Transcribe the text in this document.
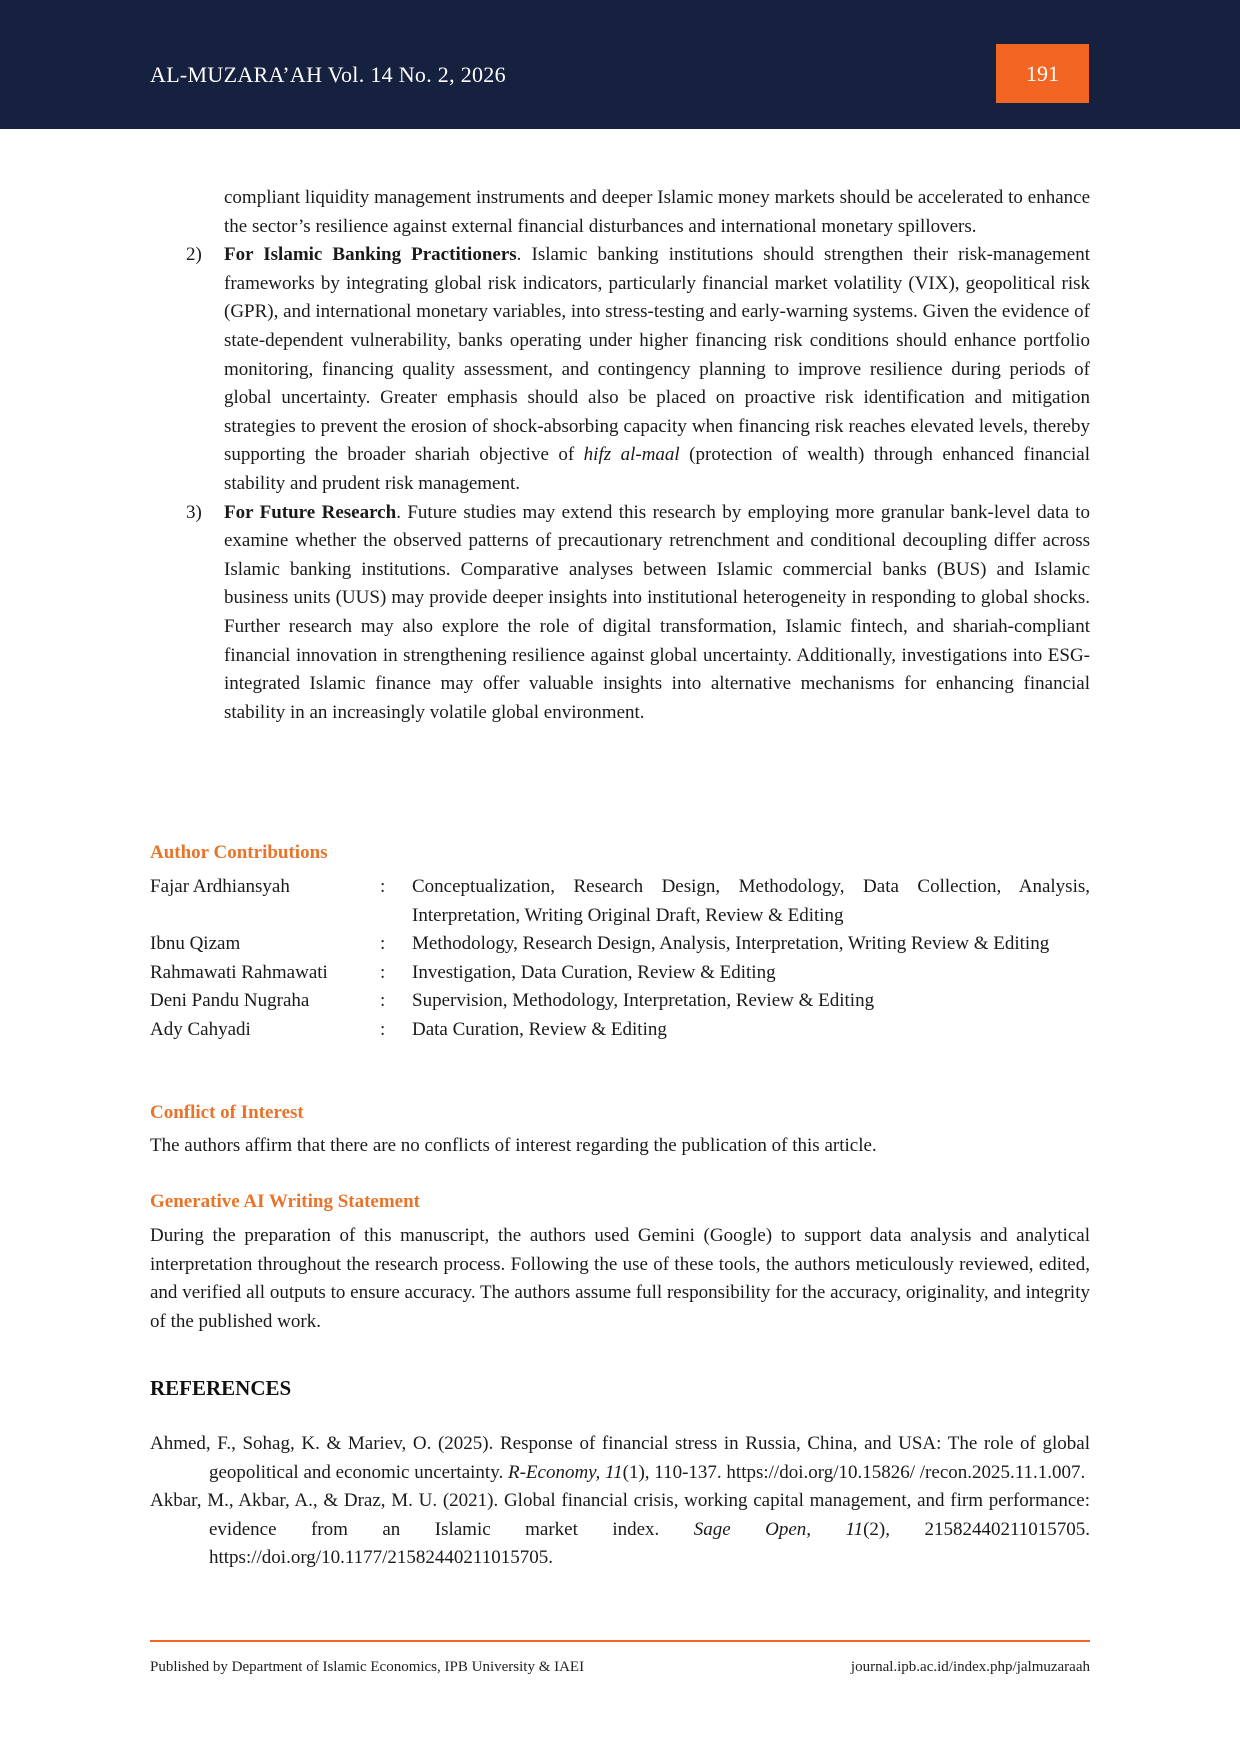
AL-MUZARA’AH Vol. 14 No. 2, 2026	191

compliant liquidity management instruments and deeper Islamic money markets should be accelerated to enhance the sector’s resilience against external financial disturbances and international monetary spillovers.

2) For Islamic Banking Practitioners. Islamic banking institutions should strengthen their risk-management frameworks by integrating global risk indicators, particularly financial market volatility (VIX), geopolitical risk (GPR), and international monetary variables, into stress-testing and early-warning systems. Given the evidence of state-dependent vulnerability, banks operating under higher financing risk conditions should enhance portfolio monitoring, financing quality assessment, and contingency planning to improve resilience during periods of global uncertainty. Greater emphasis should also be placed on proactive risk identification and mitigation strategies to prevent the erosion of shock-absorbing capacity when financing risk reaches elevated levels, thereby supporting the broader shariah objective of hifz al-maal (protection of wealth) through enhanced financial stability and prudent risk management.

3) For Future Research. Future studies may extend this research by employing more granular bank-level data to examine whether the observed patterns of precautionary retrenchment and conditional decoupling differ across Islamic banking institutions. Comparative analyses between Islamic commercial banks (BUS) and Islamic business units (UUS) may provide deeper insights into institutional heterogeneity in responding to global shocks. Further research may also explore the role of digital transformation, Islamic fintech, and shariah-compliant financial innovation in strengthening resilience against global uncertainty. Additionally, investigations into ESG-integrated Islamic finance may offer valuable insights into alternative mechanisms for enhancing financial stability in an increasingly volatile global environment.

Author Contributions
Fajar Ardhiansyah	:	Conceptualization, Research Design, Methodology, Data Collection, Analysis, Interpretation, Writing Original Draft, Review & Editing
Ibnu Qizam	:	Methodology, Research Design, Analysis, Interpretation, Writing Review & Editing
Rahmawati Rahmawati	:	Investigation, Data Curation, Review & Editing
Deni Pandu Nugraha	:	Supervision, Methodology, Interpretation, Review & Editing
Ady Cahyadi	:	Data Curation, Review & Editing
Conflict of Interest

The authors affirm that there are no conflicts of interest regarding the publication of this article.

Generative AI Writing Statement

During the preparation of this manuscript, the authors used Gemini (Google) to support data analysis and analytical interpretation throughout the research process. Following the use of these tools, the authors meticulously reviewed, edited, and verified all outputs to ensure accuracy. The authors assume full responsibility for the accuracy, originality, and integrity of the published work.

REFERENCES

Ahmed, F., Sohag, K. & Mariev, O. (2025). Response of financial stress in Russia, China, and USA: The role of global geopolitical and economic uncertainty. R-Economy, 11(1), 110-137. https://doi.org/10.15826/ /recon.2025.11.1.007.

Akbar, M., Akbar, A., & Draz, M. U. (2021). Global financial crisis, working capital management, and firm performance: evidence from an Islamic market index. Sage Open, 11(2), 21582440211015705. https://doi.org/10.1177/21582440211015705.

Published by Department of Islamic Economics, IPB University & IAEI	journal.ipb.ac.id/index.php/jalmuzaraah
